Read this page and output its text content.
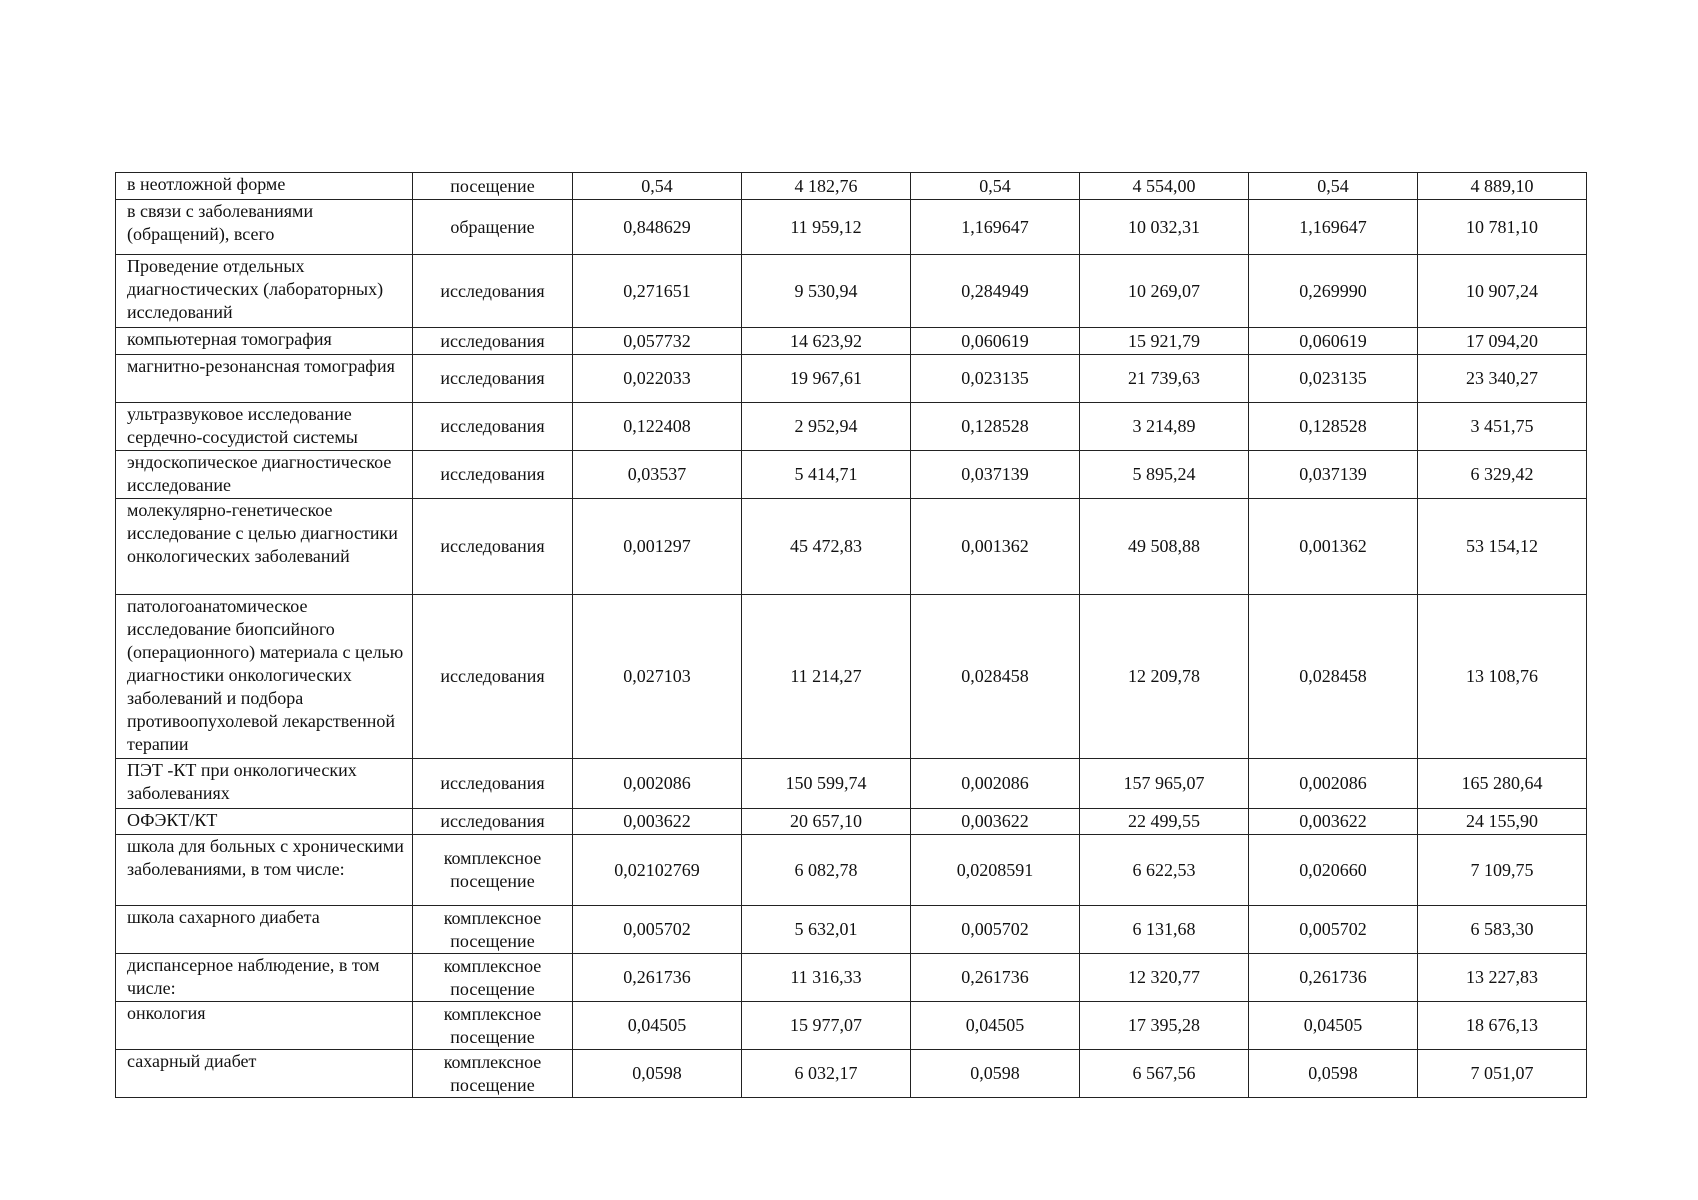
в неотложной форме	посещение	0,54	4 182,76	0,54	4 554,00	0,54	4 889,10
в связи с заболеваниями (обращений), всего	обращение	0,848629	11 959,12	1,169647	10 032,31	1,169647	10 781,10
Проведение отдельных диагностических (лабораторных) исследований	исследования	0,271651	9 530,94	0,284949	10 269,07	0,269990	10 907,24
компьютерная томография	исследования	0,057732	14 623,92	0,060619	15 921,79	0,060619	17 094,20
магнитно-резонансная томография	исследования	0,022033	19 967,61	0,023135	21 739,63	0,023135	23 340,27
ультразвуковое исследование сердечно-сосудистой системы	исследования	0,122408	2 952,94	0,128528	3 214,89	0,128528	3 451,75
эндоскопическое диагностическое исследование	исследования	0,03537	5 414,71	0,037139	5 895,24	0,037139	6 329,42
молекулярно-генетическое исследование с целью диагностики онкологических заболеваний	исследования	0,001297	45 472,83	0,001362	49 508,88	0,001362	53 154,12
патологоанатомическое исследование биопсийного (операционного) материала с целью диагностики онкологических заболеваний и подбора противоопухолевой лекарственной терапии	исследования	0,027103	11 214,27	0,028458	12 209,78	0,028458	13 108,76
ПЭТ -КТ при онкологических заболеваниях	исследования	0,002086	150 599,74	0,002086	157 965,07	0,002086	165 280,64
ОФЭКТ/КТ	исследования	0,003622	20 657,10	0,003622	22 499,55	0,003622	24 155,90
школа для больных с хроническими заболеваниями, в том числе:	комплексное посещение	0,02102769	6 082,78	0,0208591	6 622,53	0,020660	7 109,75
школа сахарного диабета	комплексное посещение	0,005702	5 632,01	0,005702	6 131,68	0,005702	6 583,30
диспансерное наблюдение, в том числе:	комплексное посещение	0,261736	11 316,33	0,261736	12 320,77	0,261736	13 227,83
онкология	комплексное посещение	0,04505	15 977,07	0,04505	17 395,28	0,04505	18 676,13
сахарный диабет	комплексное посещение	0,0598	6 032,17	0,0598	6 567,56	0,0598	7 051,07
